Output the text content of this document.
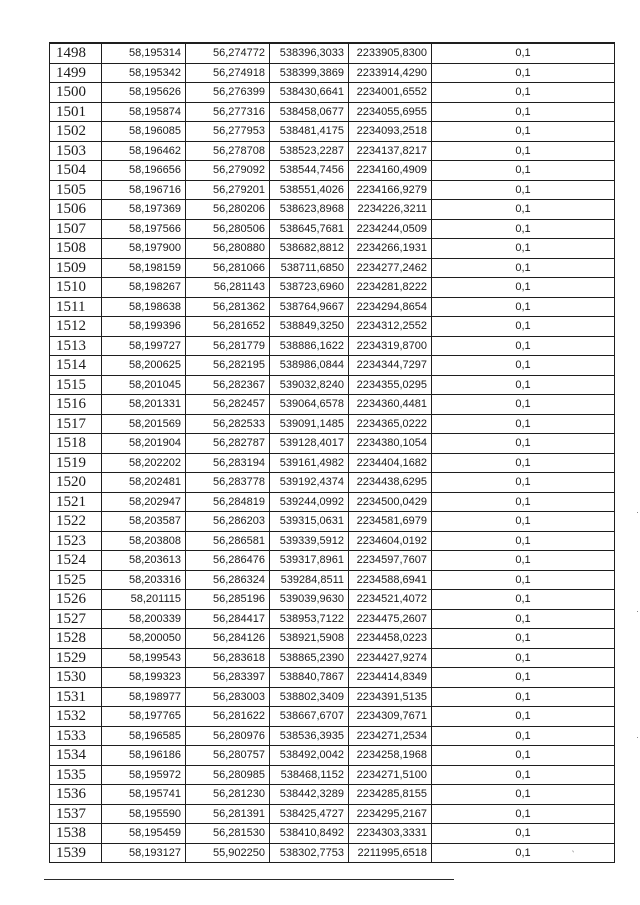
1498	58,195314	56,274772	538396,3033	2233905,8300	0,1
1499	58,195342	56,274918	538399,3869	2233914,4290	0,1
1500	58,195626	56,276399	538430,6641	2234001,6552	0,1
1501	58,195874	56,277316	538458,0677	2234055,6955	0,1
1502	58,196085	56,277953	538481,4175	2234093,2518	0,1
1503	58,196462	56,278708	538523,2287	2234137,8217	0,1
1504	58,196656	56,279092	538544,7456	2234160,4909	0,1
1505	58,196716	56,279201	538551,4026	2234166,9279	0,1
1506	58,197369	56,280206	538623,8968	2234226,3211	0,1
1507	58,197566	56,280506	538645,7681	2234244,0509	0,1
1508	58,197900	56,280880	538682,8812	2234266,1931	0,1
1509	58,198159	56,281066	538711,6850	2234277,2462	0,1
1510	58,198267	56,281143	538723,6960	2234281,8222	0,1
1511	58,198638	56,281362	538764,9667	2234294,8654	0,1
1512	58,199396	56,281652	538849,3250	2234312,2552	0,1
1513	58,199727	56,281779	538886,1622	2234319,8700	0,1
1514	58,200625	56,282195	538986,0844	2234344,7297	0,1
1515	58,201045	56,282367	539032,8240	2234355,0295	0,1
1516	58,201331	56,282457	539064,6578	2234360,4481	0,1
1517	58,201569	56,282533	539091,1485	2234365,0222	0,1
1518	58,201904	56,282787	539128,4017	2234380,1054	0,1
1519	58,202202	56,283194	539161,4982	2234404,1682	0,1
1520	58,202481	56,283778	539192,4374	2234438,6295	0,1
1521	58,202947	56,284819	539244,0992	2234500,0429	0,1
1522	58,203587	56,286203	539315,0631	2234581,6979	0,1
1523	58,203808	56,286581	539339,5912	2234604,0192	0,1
1524	58,203613	56,286476	539317,8961	2234597,7607	0,1
1525	58,203316	56,286324	539284,8511	2234588,6941	0,1
1526	58,201115	56,285196	539039,9630	2234521,4072	0,1
1527	58,200339	56,284417	538953,7122	2234475,2607	0,1
1528	58,200050	56,284126	538921,5908	2234458,0223	0,1
1529	58,199543	56,283618	538865,2390	2234427,9274	0,1
1530	58,199323	56,283397	538840,7867	2234414,8349	0,1
1531	58,198977	56,283003	538802,3409	2234391,5135	0,1
1532	58,197765	56,281622	538667,6707	2234309,7671	0,1
1533	58,196585	56,280976	538536,3935	2234271,2534	0,1
1534	58,196186	56,280757	538492,0042	2234258,1968	0,1
1535	58,195972	56,280985	538468,1152	2234271,5100	0,1
1536	58,195741	56,281230	538442,3289	2234285,8155	0,1
1537	58,195590	56,281391	538425,4727	2234295,2167	0,1
1538	58,195459	56,281530	538410,8492	2234303,3331	0,1
1539	58,193127	55,902250	538302,7753	2211995,6518	0,1	`
